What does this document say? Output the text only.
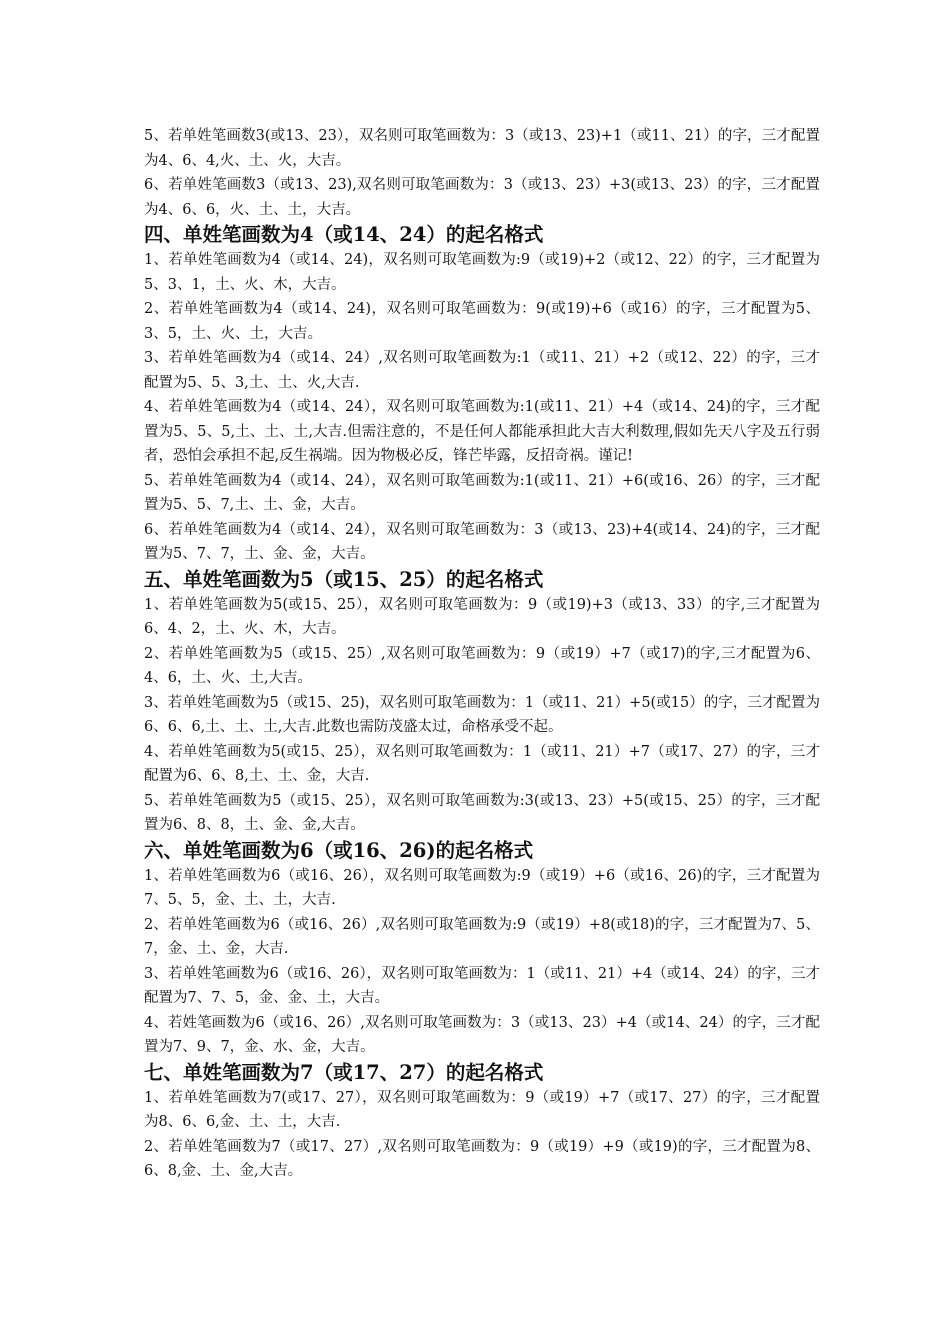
5、若单姓笔画数3(或13、23），双名则可取笔画数为：3（或13、23)+1（或11、21）的字，三才配置为4、6、4,火、土、火，大吉。

6、若单姓笔画数3（或13、23),双名则可取笔画数为：3（或13、23）+3(或13、23）的字，三才配置为4、6、6，火、土、土，大吉。

四、单姓笔画数为4（或14、24）的起名格式

1、若单姓笔画数为4（或14、24)，双名则可取笔画数为:9（或19)+2（或12、22）的字，三才配置为5、3、1，土、火、木，大吉。

2、若单姓笔画数为4（或14、24)，双名则可取笔画数为：9(或19)+6（或16）的字，三才配置为5、3、5，土、火、土，大吉。

3、若单姓笔画数为4（或14、24）,双名则可取笔画数为:1（或11、21）+2（或12、22）的字，三才配置为5、5、3,土、土、火,大吉.

4、若单姓笔画数为4（或14、24），双名则可取笔画数为:1(或11、21）+4（或14、24)的字，三才配置为5、5、5,土、土、土,大吉.但需注意的，不是任何人都能承担此大吉大利数理,假如先天八字及五行弱者，恐怕会承担不起,反生祸端。因为物极必反，锋芒毕露，反招奇祸。谨记!

5、若单姓笔画数为4（或14、24），双名则可取笔画数为:1(或11、21）+6(或16、26）的字，三才配置为5、5、7,土、土、金，大吉。

6、若单姓笔画数为4（或14、24），双名则可取笔画数为：3（或13、23)+4(或14、24)的字，三才配置为5、7、7，土、金、金，大吉。

五、单姓笔画数为5（或15、25）的起名格式

1、若单姓笔画数为5(或15、25），双名则可取笔画数为：9（或19)+3（或13、33）的字,三才配置为6、4、2，土、火、木，大吉。

2、若单姓笔画数为5（或15、25）,双名则可取笔画数为：9（或19）+7（或17)的字,三才配置为6、4、6，土、火、土,大吉。

3、若单姓笔画数为5（或15、25)，双名则可取笔画数为：1（或11、21）+5(或15）的字，三才配置为6、6、6,土、土、土,大吉.此数也需防茂盛太过，命格承受不起。

4、若单姓笔画数为5(或15、25），双名则可取笔画数为：1（或11、21）+7（或17、27）的字，三才配置为6、6、8,土、土、金，大吉.

5、若单姓笔画数为5（或15、25），双名则可取笔画数为:3(或13、23）+5(或15、25）的字，三才配置为6、8、8，土、金、金,大吉。

六、单姓笔画数为6（或16、26)的起名格式

1、若单姓笔画数为6（或16、26），双名则可取笔画数为:9（或19）+6（或16、26)的字，三才配置为7、5、5，金、土、土，大吉.

2、若单姓笔画数为6（或16、26）,双名则可取笔画数为:9（或19）+8(或18)的字，三才配置为7、5、7，金、土、金，大吉.

3、若单姓笔画数为6（或16、26），双名则可取笔画数为：1（或11、21）+4（或14、24）的字，三才配置为7、7、5，金、金、土，大吉。

4、若姓笔画数为6（或16、26）,双名则可取笔画数为：3（或13、23）+4（或14、24）的字，三才配置为7、9、7，金、水、金，大吉。

七、单姓笔画数为7（或17、27）的起名格式

1、若单姓笔画数为7(或17、27），双名则可取笔画数为：9（或19）+7（或17、27）的字，三才配置为8、6、6,金、土、土，大吉.

2、若单姓笔画数为7（或17、27）,双名则可取笔画数为：9（或19）+9（或19)的字，三才配置为8、6、8,金、土、金,大吉。
